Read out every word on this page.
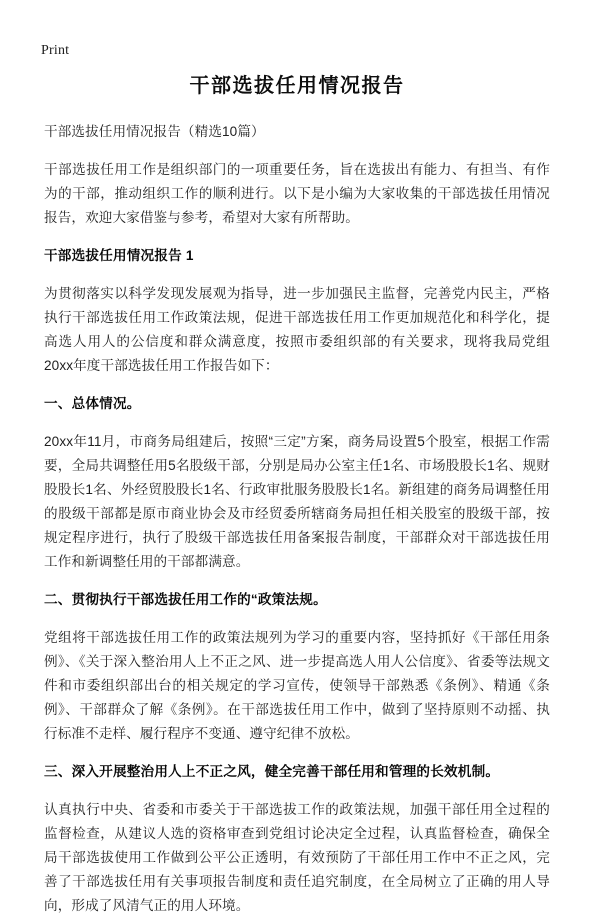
Print
干部选拔任用情况报告

干部选拔任用情况报告（精选10篇）

干部选拔任用工作是组织部门的一项重要任务，旨在选拔出有能力、有担当、有作为的干部，推动组织工作的顺利进行。以下是小编为大家收集的干部选拔任用情况报告，欢迎大家借鉴与参考，希望对大家有所帮助。

干部选拔任用情况报告 1

为贯彻落实以科学发现发展观为指导，进一步加强民主监督，完善党内民主，严格执行干部选拔任用工作政策法规，促进干部选拔任用工作更加规范化和科学化，提高选人用人的公信度和群众满意度，按照市委组织部的有关要求，现将我局党组20xx年度干部选拔任用工作报告如下：

一、总体情况。

20xx年11月，市商务局组建后，按照“三定”方案，商务局设置5个股室，根据工作需要，全局共调整任用5名股级干部，分别是局办公室主任1名、市场股股长1名、规财股股长1名、外经贸股股长1名、行政审批服务股股长1名。新组建的商务局调整任用的股级干部都是原市商业协会及市经贸委所辖商务局担任相关股室的股级干部，按规定程序进行，执行了股级干部选拔任用备案报告制度，干部群众对干部选拔任用工作和新调整任用的干部都满意。

二、贯彻执行干部选拔任用工作的“政策法规。

党组将干部选拔任用工作的政策法规列为学习的重要内容，坚持抓好《干部任用条例》、《关于深入整治用人上不正之风、进一步提高选人用人公信度》、省委等法规文件和市委组织部出台的相关规定的学习宣传，使领导干部熟悉《条例》、精通《条例》、干部群众了解《条例》。在干部选拔任用工作中，做到了坚持原则不动摇、执行标准不走样、履行程序不变通、遵守纪律不放松。

三、深入开展整治用人上不正之风，健全完善干部任用和管理的长效机制。

认真执行中央、省委和市委关于干部选拔工作的政策法规，加强干部任用全过程的监督检查，从建议人选的资格审查到党组讨论决定全过程，认真监督检查，确保全局干部选拔使用工作做到公平公正透明，有效预防了干部任用工作中不正之风，完善了干部选拔任用有关事项报告制度和责任追究制度，在全局树立了正确的用人导向，形成了风清气正的用人环境。
